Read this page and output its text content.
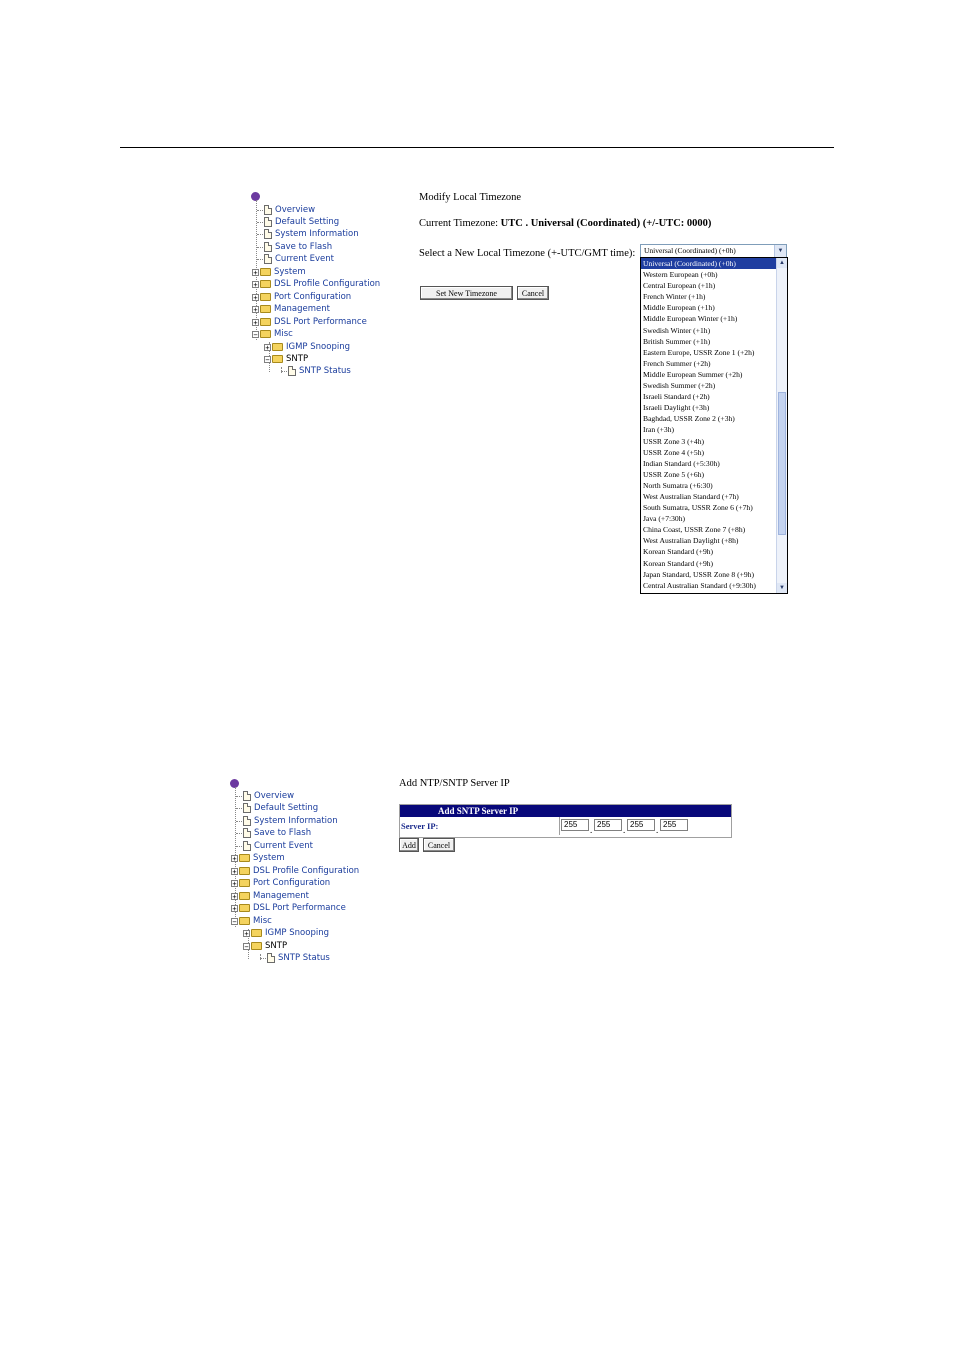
Overview
Default Setting
System Information
Save to Flash
Current Event
+ System
+ DSL Profile Configuration
+ Port Configuration
+ Management
+ DSL Port Performance
− Misc
+ IGMP Snooping
− SNTP
SNTP Status
Modify Local Timezone
Current Timezone: UTC . Universal (Coordinated) (+/-UTC: 0000)
Select a New Local Timezone (+-UTC/GMT time): Universal (Coordinated) (+0h)	▼
Universal (Coordinated) (+0h)
Western European (+0h)
Central European (+1h)
French Winter (+1h)
Middle European (+1h)
Middle European Winter (+1h)
Swedish Winter (+1h)
British Summer (+1h)
Eastern Europe, USSR Zone 1 (+2h)
French Summer (+2h)
Middle European Summer (+2h)
Swedish Summer (+2h)
Israeli Standard (+2h)
Israeli Daylight (+3h)
Baghdad, USSR Zone 2 (+3h)
Iran (+3h)
USSR Zone 3 (+4h)
USSR Zone 4 (+5h)
Indian Standard (+5:30h)
USSR Zone 5 (+6h)
North Sumatra (+6:30)
West Australian Standard (+7h)
South Sumatra, USSR Zone 6 (+7h)
Java (+7:30h)
China Coast, USSR Zone 7 (+8h)
West Australian Daylight (+8h)
Korean Standard (+9h)
Korean Standard (+9h)
Japan Standard, USSR Zone 8 (+9h)
Central Australian Standard (+9:30h)
▲
▼
Set New Timezone	Cancel
Overview
Default Setting
System Information
Save to Flash
Current Event
+ System
+ DSL Profile Configuration
+ Port Configuration
+ Management
+ DSL Port Performance
− Misc
+ IGMP Snooping
− SNTP
SNTP Status
Add NTP/SNTP Server IP
Add SNTP Server IP
Server IP:
255	.
255	.
255	.
255
Add	Cancel
